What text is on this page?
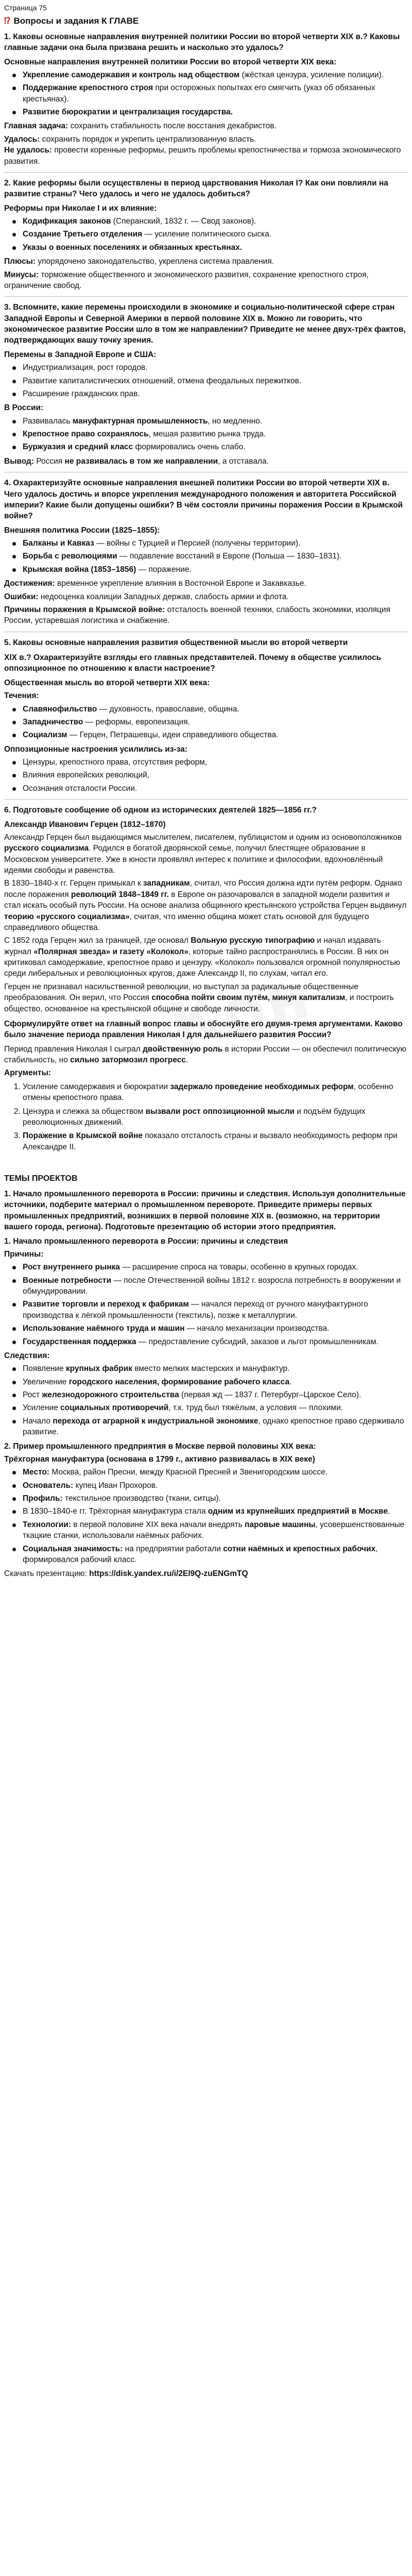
Страница 75
⁉ Вопросы и задания К ГЛАВЕ
1. Каковы основные направления внутренней политики России во второй четверти XIX в.? Каковы главные задачи она была призвана решить и насколько это удалось?

Основные направления внутренней политики России во второй четверти XIX века:

Укрепление самодержавия и контроль над обществом (жёсткая цензура, усиление полиции).
Поддержание крепостного строя при осторожных попытках его смягчить (указ об обязанных крестьянах).
Развитие бюрократии и централизация государства.

Главная задача: сохранить стабильность после восстания декабристов.

Удалось: сохранить порядок и укрепить централизованную власть.
Не удалось: провести коренные реформы, решить проблемы крепостничества и тормоза экономического развития.

2. Какие реформы были осуществлены в период царствования Николая I? Как они повлияли на развитие страны? Чего удалось и чего не удалось добиться?

Реформы при Николае I и их влияние:

Кодификация законов (Сперанский, 1832 г. — Свод законов).
Создание Третьего отделения — усиление политического сыска.
Указы о военных поселениях и обязанных крестьянах.

Плюсы: упорядочено законодательство, укреплена система правления.

Минусы: торможение общественного и экономического развития, сохранение крепостного строя, ограничение свобод.

3. Вспомните, какие перемены происходили в экономике и социально-политической сфере стран Западной Европы и Северной Америки в первой половине XIX в. Можно ли говорить, что экономическое развитие России шло в том же направлении? Приведите не менее двух-трёх фактов, подтверждающих вашу точку зрения.

Перемены в Западной Европе и США:

Индустриализация, рост городов.
Развитие капиталистических отношений, отмена феодальных пережитков.
Расширение гражданских прав.

В России:

Развивалась мануфактурная промышленность, но медленно.
Крепостное право сохранялось, мешая развитию рынка труда.
Буржуазия и средний класс формировались очень слабо.

Вывод: Россия не развивалась в том же направлении, а отставала.

4. Охарактеризуйте основные направления внешней политики России во второй четверти XIX в. Чего удалось достичь и впорсе укрепления международного положения и авторитета Российской империи? Какие были допущены ошибки? В чём состояли причины поражения России в Крымской войне?

Внешняя политика России (1825–1855):

Балканы и Кавказ — войны с Турцией и Персией (получены территории).
Борьба с революциями — подавление восстаний в Европе (Польша — 1830–1831).
Крымская война (1853–1856) — поражение.

Достижения: временное укрепление влияния в Восточной Европе и Закавказье.

Ошибки: недооценка коалиции Западных держав, слабость армии и флота.

Причины поражения в Крымской войне: отсталость военной техники, слабость экономики, изоляция России, устаревшая логистика и снабжение.

5. Каковы основные направления развития общественной мысли во второй четверти
XIX в.? Охарактеризуйте взгляды его главных представителей. Почему в обществе усилилось оппозиционное по отношению к власти настроение?

Общественная мысль во второй четверти XIX века:

Течения:

Славянофильство — духовность, православие, община.
Западничество — реформы, европеизация.
Социализм — Герцен, Петрашевцы, идеи справедливого общества.

Оппозиционные настроения усилились из-за:

Цензуры, крепостного права, отсутствия реформ,
Влияния европейских революций,
Осознания отсталости России.
6. Подготовьте сообщение об одном из исторических деятелей 1825—1856 гг.?

Александр Иванович Герцен (1812–1870)

Александр Герцен был выдающимся мыслителем, писателем, публицистом и одним из основоположников русского социализма. Родился в богатой дворянской семье, получил блестящее образование в Московском университете. Уже в юности проявлял интерес к политике и философии, вдохновлённый идеями свободы и равенства.

В 1830–1840-х гг. Герцен примыкал к западникам, считал, что Россия должна идти путём реформ. Однако после поражения революций 1848–1849 гг. в Европе он разочаровался в западной модели развития и стал искать особый путь России. На основе анализа общинного крестьянского устройства Герцен выдвинул теорию «русского социализма», считая, что именно община может стать основой для будущего справедливого общества.

С 1852 года Герцен жил за границей, где основал Вольную русскую типографию и начал издавать журнал «Полярная звезда» и газету «Колокол», которые тайно распространялись в России. В них он критиковал самодержавие, крепостное право и цензуру. «Колокол» пользовался огромной популярностью среди либеральных и революционных кругов, даже Александр II, по слухам, читал его.

Герцен не признавал насильственной революции, но выступал за радикальные общественные преобразования. Он верил, что Россия способна пойти своим путём, минуя капитализм, и построить общество, основанное на крестьянской общине и свободе личности.

Сформулируйте ответ на главный вопрос главы и обоснуйте его двумя-тремя аргументами. Каково было значение периода правления Николая I для дальнейшего развития России?

Период правления Николая I сыграл двойственную роль в истории России — он обеспечил политическую стабильность, но сильно затормозил прогресс.

Аргументы:

1. Усиление самодержавия и бюрократии задержало проведение необходимых реформ, особенно отмены крепостного права.
2. Цензура и слежка за обществом вызвали рост оппозиционной мысли и подъём будущих революционных движений.
3. Поражение в Крымской войне показало отсталость страны и вызвало необходимость реформ при Александре II.
ТЕМЫ ПРОЕКТОВ
1. Начало промышленного переворота в России: причины и следствия. Используя дополнительные источники, подберите материал о промышленном перевороте. Приведите примеры первых промышленных предприятий, возникших в первой половине XIX в. (возможно, на территории вашего города, региона). Подготовьте презентацию об истории этого предприятия.

1. Начало промышленного переворота в России: причины и следствия

Причины:

Рост внутреннего рынка — расширение спроса на товары, особенно в крупных городах.
Военные потребности — после Отечественной войны 1812 г. возросла потребность в вооружении и обмундировании.
Развитие торговли и переход к фабрикам — начался переход от ручного мануфактурного производства к лёгкой промышленности (текстиль), позже к металлургии.
Использование наёмного труда и машин — начало механизации производства.
Государственная поддержка — предоставление субсидий, заказов и льгот промышленникам.

Следствия:

Появление крупных фабрик вместо мелких мастерских и мануфактур.
Увеличение городского населения, формирование рабочего класса.
Рост железнодорожного строительства (первая жд — 1837 г. Петербург–Царское Село).
Усиление социальных противоречий, т.к. труд был тяжёлым, а условия — плохими.
Начало перехода от аграрной к индустриальной экономике, однако крепостное право сдерживало развитие.

2. Пример промышленного предприятия в Москве первой половины XIX века:

Трёхгорная мануфактура (основана в 1799 г., активно развивалась в XIX веке)

Место: Москва, район Пресни, между Красной Пресней и Звенигородским шоссе.
Основатель: купец Иван Прохоров.
Профиль: текстильное производство (ткани, ситцы).
В 1830–1840-е гг. Трёхгорная мануфактура стала одним из крупнейших предприятий в Москве.
Технологии: в первой половине XIX века начали внедрять паровые машины, усовершенствованные ткацкие станки, использовали наёмных рабочих.
Социальная значимость: на предприятии работали сотни наёмных и крепостных рабочих, формировался рабочий класс.

Скачать презентацию: https://disk.yandex.ru/i/2El9Q-zuENGmTQ
